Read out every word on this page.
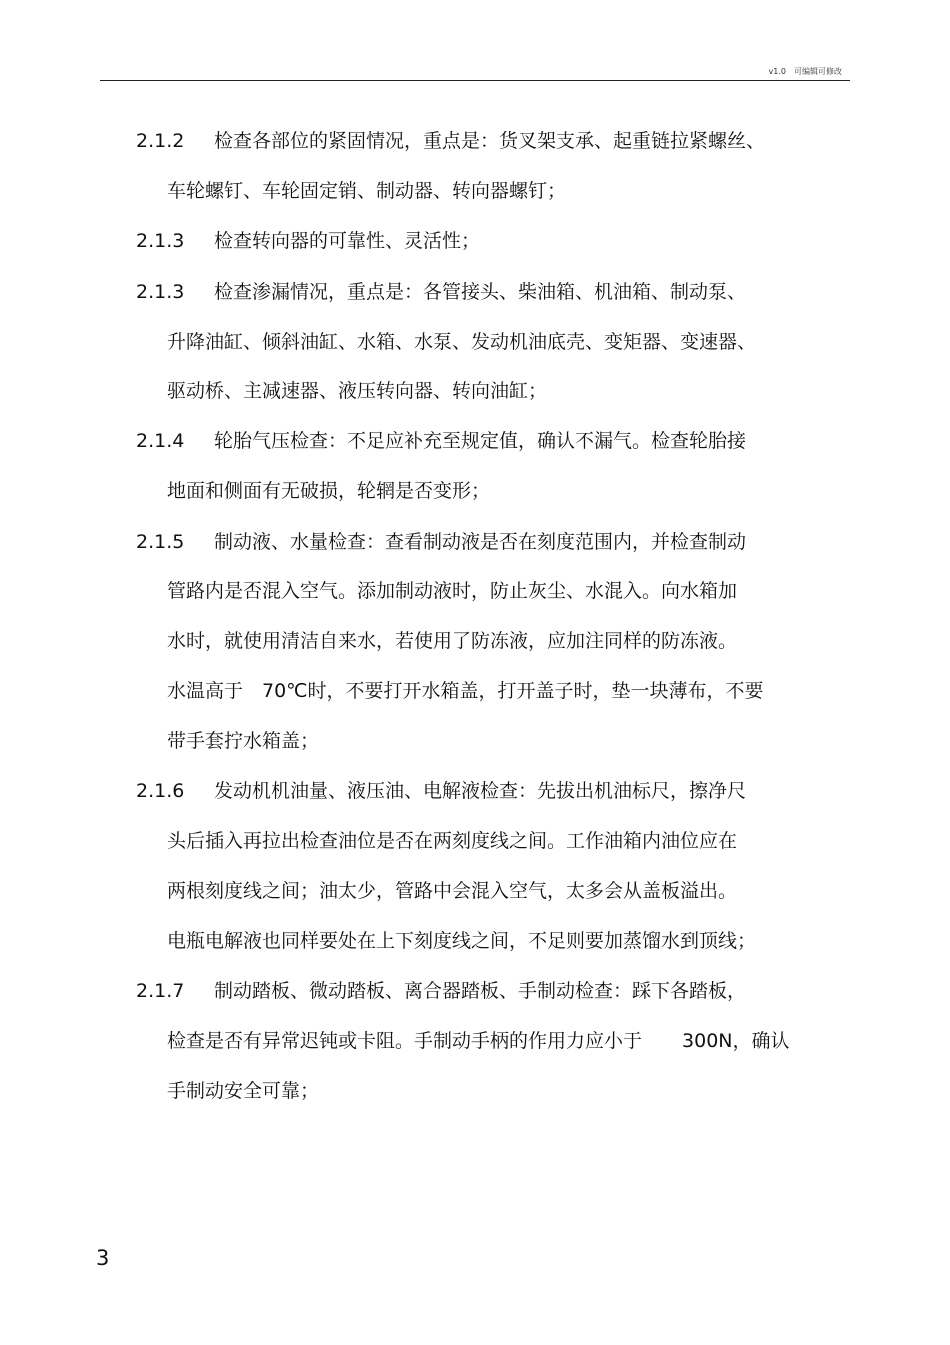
v1.0　可编辑可修改
2.1.2 检查各部位的紧固情况，重点是：货叉架支承、起重链拉紧螺丝、
车轮螺钉、车轮固定销、制动器、转向器螺钉；
2.1.3 检查转向器的可靠性、灵活性；
2.1.3 检查渗漏情况，重点是：各管接头、柴油箱、机油箱、制动泵、
升降油缸、倾斜油缸、水箱、水泵、发动机油底壳、变矩器、变速器、
驱动桥、主减速器、液压转向器、转向油缸；
2.1.4 轮胎气压检查：不足应补充至规定值，确认不漏气。检查轮胎接
地面和侧面有无破损，轮辋是否变形；
2.1.5 制动液、水量检查：查看制动液是否在刻度范围内，并检查制动
管路内是否混入空气。添加制动液时，防止灰尘、水混入。向水箱加
水时，就使用清洁自来水，若使用了防冻液，应加注同样的防冻液。
水温高于　70℃时，不要打开水箱盖，打开盖子时，垫一块薄布，不要
带手套拧水箱盖；
2.1.6 发动机机油量、液压油、电解液检查：先拔出机油标尺，擦净尺
头后插入再拉出检查油位是否在两刻度线之间。工作油箱内油位应在
两根刻度线之间；油太少，管路中会混入空气，太多会从盖板溢出。
电瓶电解液也同样要处在上下刻度线之间，不足则要加蒸馏水到顶线；
2.1.7 制动踏板、微动踏板、离合器踏板、手制动检查：踩下各踏板，
检查是否有异常迟钝或卡阻。手制动手柄的作用力应小于 300N，确认
手制动安全可靠；
3
